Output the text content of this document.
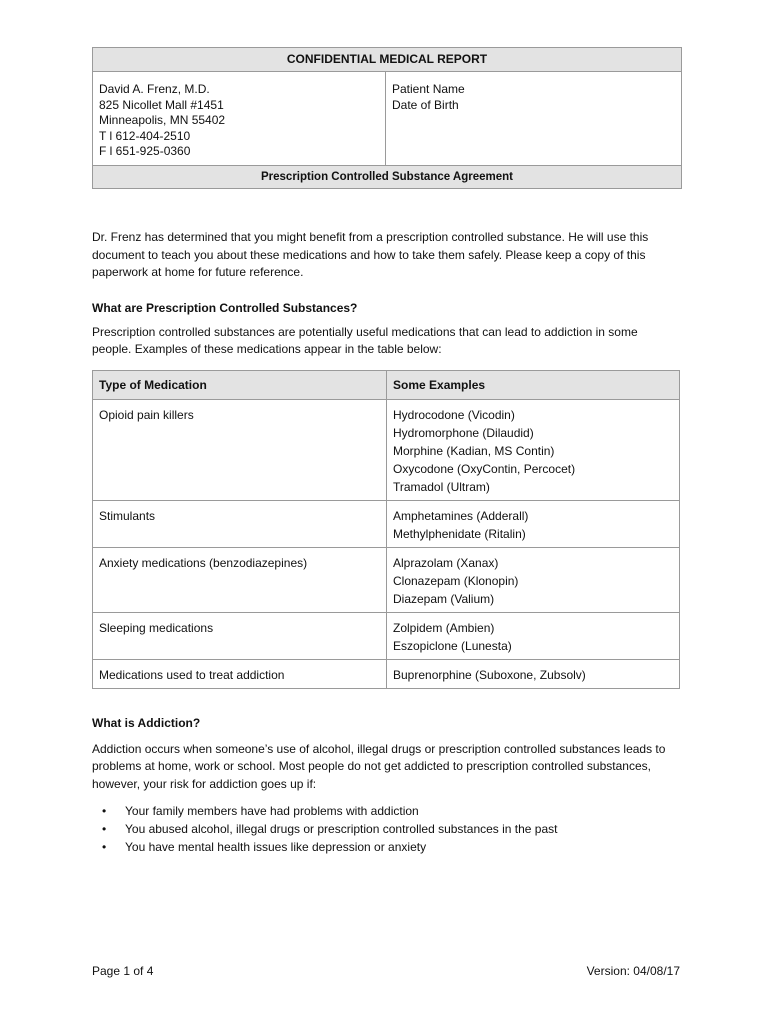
CONFIDENTIAL MEDICAL REPORT
David A. Frenz, M.D.
825 Nicollet Mall #1451
Minneapolis, MN 55402
T l 612-404-2510
F l 651-925-0360
Patient Name
Date of Birth
Prescription Controlled Substance Agreement

Dr. Frenz has determined that you might benefit from a prescription controlled substance. He will use this document to teach you about these medications and how to take them safely. Please keep a copy of this paperwork at home for future reference.

What are Prescription Controlled Substances?

Prescription controlled substances are potentially useful medications that can lead to addiction in some people. Examples of these medications appear in the table below:

Type of Medication	Some Examples
Opioid pain killers	Hydrocodone (Vicodin)
Hydromorphone (Dilaudid)
Morphine (Kadian, MS Contin)
Oxycodone (OxyContin, Percocet)
Tramadol (Ultram)

Stimulants	Amphetamines (Adderall)
Methylphenidate (Ritalin)

Anxiety medications (benzodiazepines)	Alprazolam (Xanax)
Clonazepam (Klonopin)
Diazepam (Valium)

Sleeping medications	Zolpidem (Ambien)
Eszopiclone (Lunesta)

Medications used to treat addiction	Buprenorphine (Suboxone, Zubsolv)
What is Addiction?

Addiction occurs when someone’s use of alcohol, illegal drugs or prescription controlled substances leads to problems at home, work or school. Most people do not get addicted to prescription controlled substances, however, your risk for addiction goes up if:

• Your family members have had problems with addiction
• You abused alcohol, illegal drugs or prescription controlled substances in the past
• You have mental health issues like depression or anxiety
Page 1 of 4	Version: 04/08/17
